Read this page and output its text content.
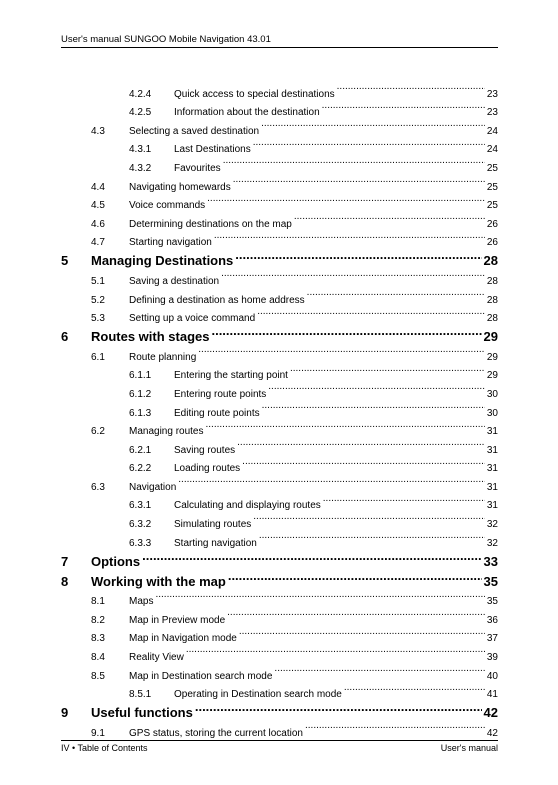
User's manual SUNGOO Mobile Navigation 43.01
4.2.4	Quick access to special destinations .....	23
4.2.5	Information about the destination .....	23
4.3	Selecting a saved destination .....	24
4.3.1	Last Destinations .....	24
4.3.2	Favourites .....	25
4.4	Navigating homewards .....	25
4.5	Voice commands .....	25
4.6	Determining destinations on the map .....	26
4.7	Starting navigation .....	26
5	Managing Destinations .....	28
5.1	Saving a destination .....	28
5.2	Defining a destination as home address .....	28
5.3	Setting up a voice command .....	28
6	Routes with stages .....	29
6.1	Route planning .....	29
6.1.1	Entering the starting point .....	29
6.1.2	Entering route points .....	30
6.1.3	Editing route points .....	30
6.2	Managing routes .....	31
6.2.1	Saving routes .....	31
6.2.2	Loading routes .....	31
6.3	Navigation .....	31
6.3.1	Calculating and displaying routes .....	31
6.3.2	Simulating routes .....	32
6.3.3	Starting navigation .....	32
7	Options .....	33
8	Working with the map .....	35
8.1	Maps .....	35
8.2	Map in Preview mode .....	36
8.3	Map in Navigation mode .....	37
8.4	Reality View .....	39
8.5	Map in Destination search mode .....	40
8.5.1	Operating in Destination search mode .....	41
9	Useful functions .....	42
9.1	GPS status, storing the current location .....	42
IV • Table of Contents	User's manual
